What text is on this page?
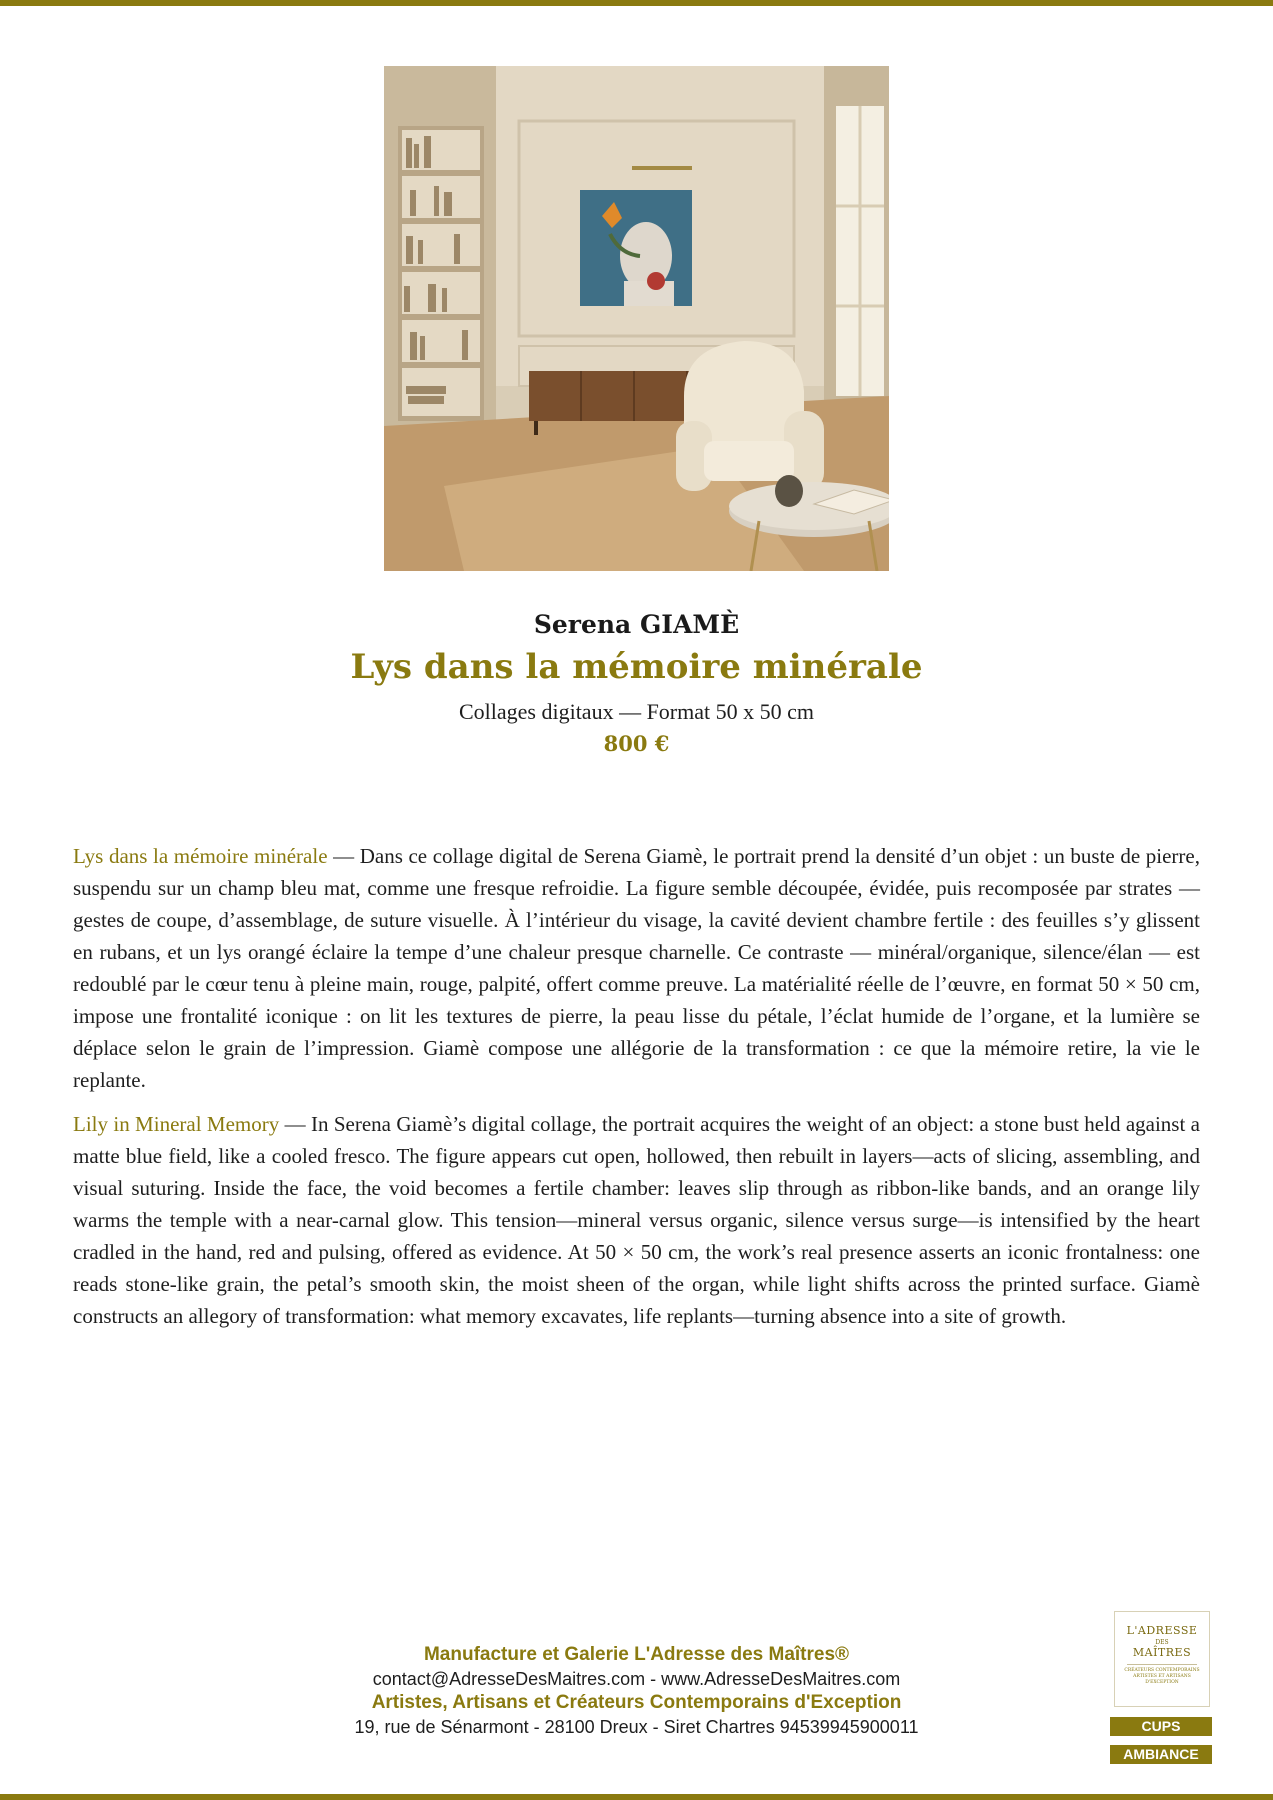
Serena GIAMÈ
Lys dans la mémoire minérale
Collages digitaux — Format 50 x 50 cm
800 €

Lys dans la mémoire minérale — Dans ce collage digital de Serena Giamè, le portrait prend la densité d’un objet : un buste de pierre, suspendu sur un champ bleu mat, comme une fresque refroidie. La figure semble découpée, évidée, puis recomposée par strates — gestes de coupe, d’assemblage, de suture visuelle. À l’intérieur du visage, la cavité devient chambre fertile : des feuilles s’y glissent en rubans, et un lys orangé éclaire la tempe d’une chaleur presque charnelle. Ce contraste — minéral/organique, silence/élan — est redoublé par le cœur tenu à pleine main, rouge, palpité, offert comme preuve. La matérialité réelle de l’œuvre, en format 50 × 50 cm, impose une frontalité iconique : on lit les textures de pierre, la peau lisse du pétale, l’éclat humide de l’organe, et la lumière se déplace selon le grain de l’impression. Giamè compose une allégorie de la transformation : ce que la mémoire retire, la vie le replante.

Lily in Mineral Memory — In Serena Giamè’s digital collage, the portrait acquires the weight of an object: a stone bust held against a matte blue field, like a cooled fresco. The figure appears cut open, hollowed, then rebuilt in layers—acts of slicing, assembling, and visual suturing. Inside the face, the void becomes a fertile chamber: leaves slip through as ribbon-like bands, and an orange lily warms the temple with a near-carnal glow. This tension—mineral versus organic, silence versus surge—is intensified by the heart cradled in the hand, red and pulsing, offered as evidence. At 50 × 50 cm, the work’s real presence asserts an iconic frontalness: one reads stone-like grain, the petal’s smooth skin, the moist sheen of the organ, while light shifts across the printed surface. Giamè constructs an allegory of transformation: what memory excavates, life replants—turning absence into a site of growth.

Manufacture et Galerie L'Adresse des Maîtres®
contact@AdresseDesMaitres.com - www.AdresseDesMaitres.com
Artistes, Artisans et Créateurs Contemporains d'Exception
19, rue de Sénarmont - 28100 Dreux - Siret Chartres 94539945900011
L'ADRESSE
DES
MAÎTRES
CRÉATEURS CONTEMPORAINS ARTISTES ET ARTISANS D'EXCEPTION
CUPS
AMBIANCE
